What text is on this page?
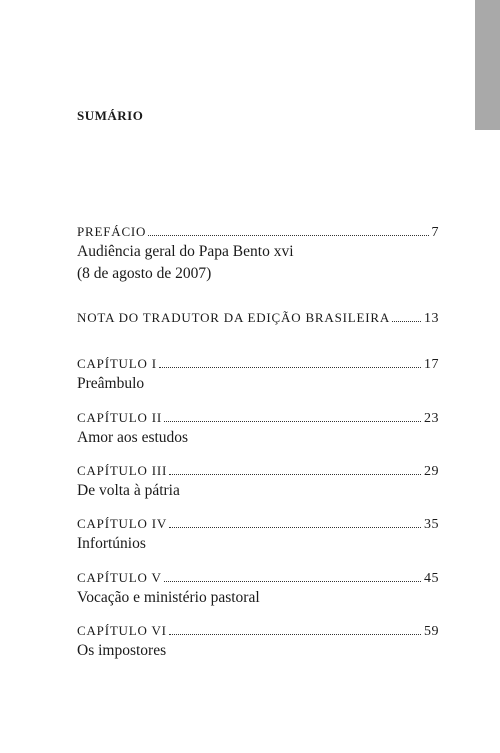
SUMÁRIO
PREFÁCIO	7
Audiência geral do Papa Bento xvi
(8 de agosto de 2007)
NOTA DO TRADUTOR DA EDIÇÃO BRASILEIRA 13
CAPÍTULO I	17
Preâmbulo
CAPÍTULO II	23
Amor aos estudos
CAPÍTULO III	29
De volta à pátria
CAPÍTULO IV	35
Infortúnios
CAPÍTULO V	45
Vocação e ministério pastoral
CAPÍTULO VI	59
Os impostores
